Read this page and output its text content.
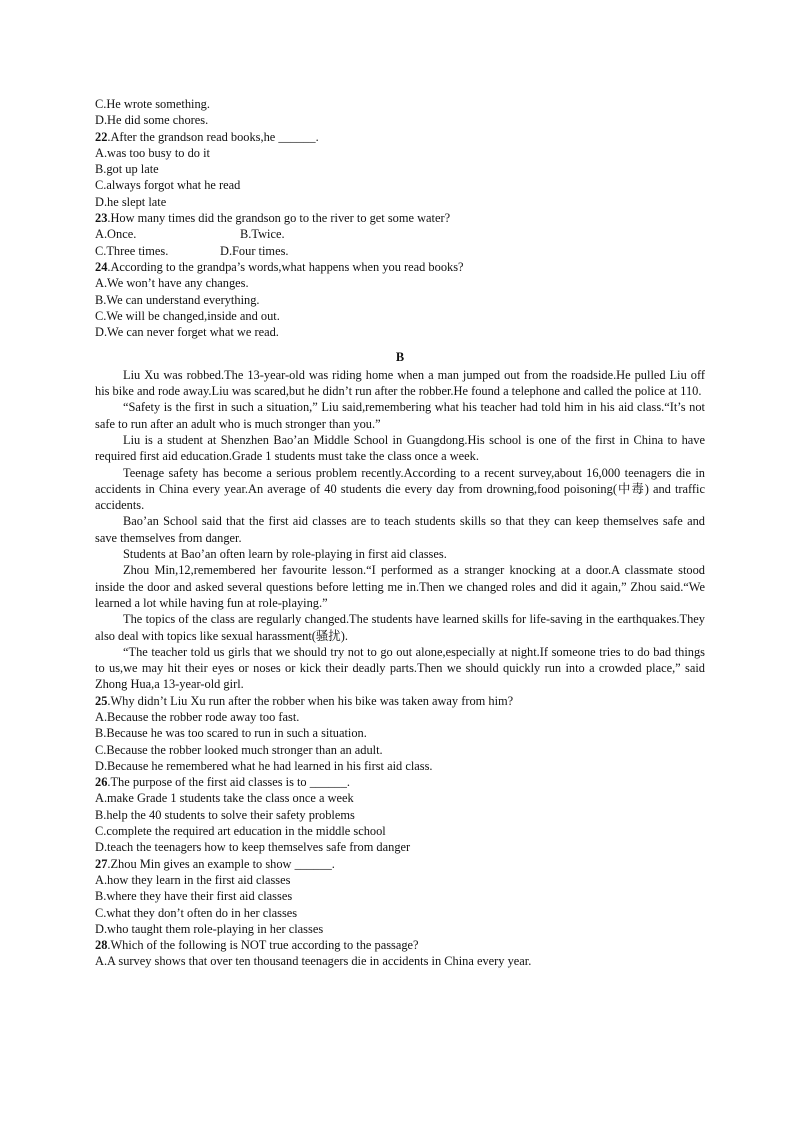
C.He wrote something.
D.He did some chores.
22.After the grandson read books,he ______.
A.was too busy to do it
B.got up late
C.always forgot what he read
D.he slept late
23.How many times did the grandson go to the river to get some water?
A.Once.	B.Twice.
C.Three times.	D.Four times.
24.According to the grandpa’s words,what happens when you read books?
A.We won’t have any changes.
B.We can understand everything.
C.We will be changed,inside and out.
D.We can never forget what we read.
B
Liu Xu was robbed.The 13-year-old was riding home when a man jumped out from the roadside.He pulled Liu off his bike and rode away.Liu was scared,but he didn’t run after the robber.He found a telephone and called the police at 110.
“Safety is the first in such a situation,” Liu said,remembering what his teacher had told him in his aid class.“It’s not safe to run after an adult who is much stronger than you.”
Liu is a student at Shenzhen Bao’an Middle School in Guangdong.His school is one of the first in China to have required first aid education.Grade 1 students must take the class once a week.
Teenage safety has become a serious problem recently.According to a recent survey,about 16,000 teenagers die in accidents in China every year.An average of 40 students die every day from drowning,food poisoning(中毒) and traffic accidents.
Bao’an School said that the first aid classes are to teach students skills so that they can keep themselves safe and save themselves from danger.
Students at Bao’an often learn by role-playing in first aid classes.
Zhou Min,12,remembered her favourite lesson.“I performed as a stranger knocking at a door.A classmate stood inside the door and asked several questions before letting me in.Then we changed roles and did it again,” Zhou said.“We learned a lot while having fun at role-playing.”
The topics of the class are regularly changed.The students have learned skills for life-saving in the earthquakes.They also deal with topics like sexual harassment(骚扰).
“The teacher told us girls that we should try not to go out alone,especially at night.If someone tries to do bad things to us,we may hit their eyes or noses or kick their deadly parts.Then we should quickly run into a crowded place,” said Zhong Hua,a 13-year-old girl.
25.Why didn’t Liu Xu run after the robber when his bike was taken away from him?
A.Because the robber rode away too fast.
B.Because he was too scared to run in such a situation.
C.Because the robber looked much stronger than an adult.
D.Because he remembered what he had learned in his first aid class.
26.The purpose of the first aid classes is to ______.
A.make Grade 1 students take the class once a week
B.help the 40 students to solve their safety problems
C.complete the required art education in the middle school
D.teach the teenagers how to keep themselves safe from danger
27.Zhou Min gives an example to show ______.
A.how they learn in the first aid classes
B.where they have their first aid classes
C.what they don’t often do in her classes
D.who taught them role-playing in her classes
28.Which of the following is NOT true according to the passage?
A.A survey shows that over ten thousand teenagers die in accidents in China every year.
